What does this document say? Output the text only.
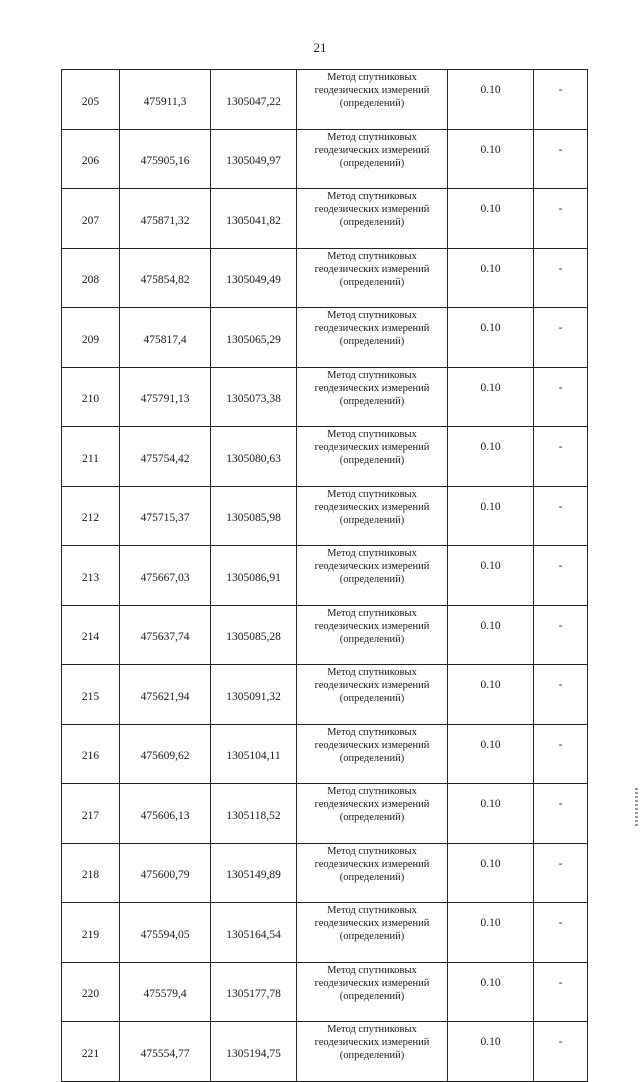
21
205	475911,3	1305047,22	Метод спутниковых
геодезических измерений
(определений)	0.10	-
206	475905,16	1305049,97	Метод спутниковых
геодезических измерений
(определений)	0.10	-
207	475871,32	1305041,82	Метод спутниковых
геодезических измерений
(определений)	0.10	-
208	475854,82	1305049,49	Метод спутниковых
геодезических измерений
(определений)	0.10	-
209	475817,4	1305065,29	Метод спутниковых
геодезических измерений
(определений)	0.10	-
210	475791,13	1305073,38	Метод спутниковых
геодезических измерений
(определений)	0.10	-
211	475754,42	1305080,63	Метод спутниковых
геодезических измерений
(определений)	0.10	-
212	475715,37	1305085,98	Метод спутниковых
геодезических измерений
(определений)	0.10	-
213	475667,03	1305086,91	Метод спутниковых
геодезических измерений
(определений)	0.10	-
214	475637,74	1305085,28	Метод спутниковых
геодезических измерений
(определений)	0.10	-
215	475621,94	1305091,32	Метод спутниковых
геодезических измерений
(определений)	0.10	-
216	475609,62	1305104,11	Метод спутниковых
геодезических измерений
(определений)	0.10	-
217	475606,13	1305118,52	Метод спутниковых
геодезических измерений
(определений)	0.10	-
218	475600,79	1305149,89	Метод спутниковых
геодезических измерений
(определений)	0.10	-
219	475594,05	1305164,54	Метод спутниковых
геодезических измерений
(определений)	0.10	-
220	475579,4	1305177,78	Метод спутниковых
геодезических измерений
(определений)	0.10	-
221	475554,77	1305194,75	Метод спутниковых
геодезических измерений
(определений)	0.10	-
